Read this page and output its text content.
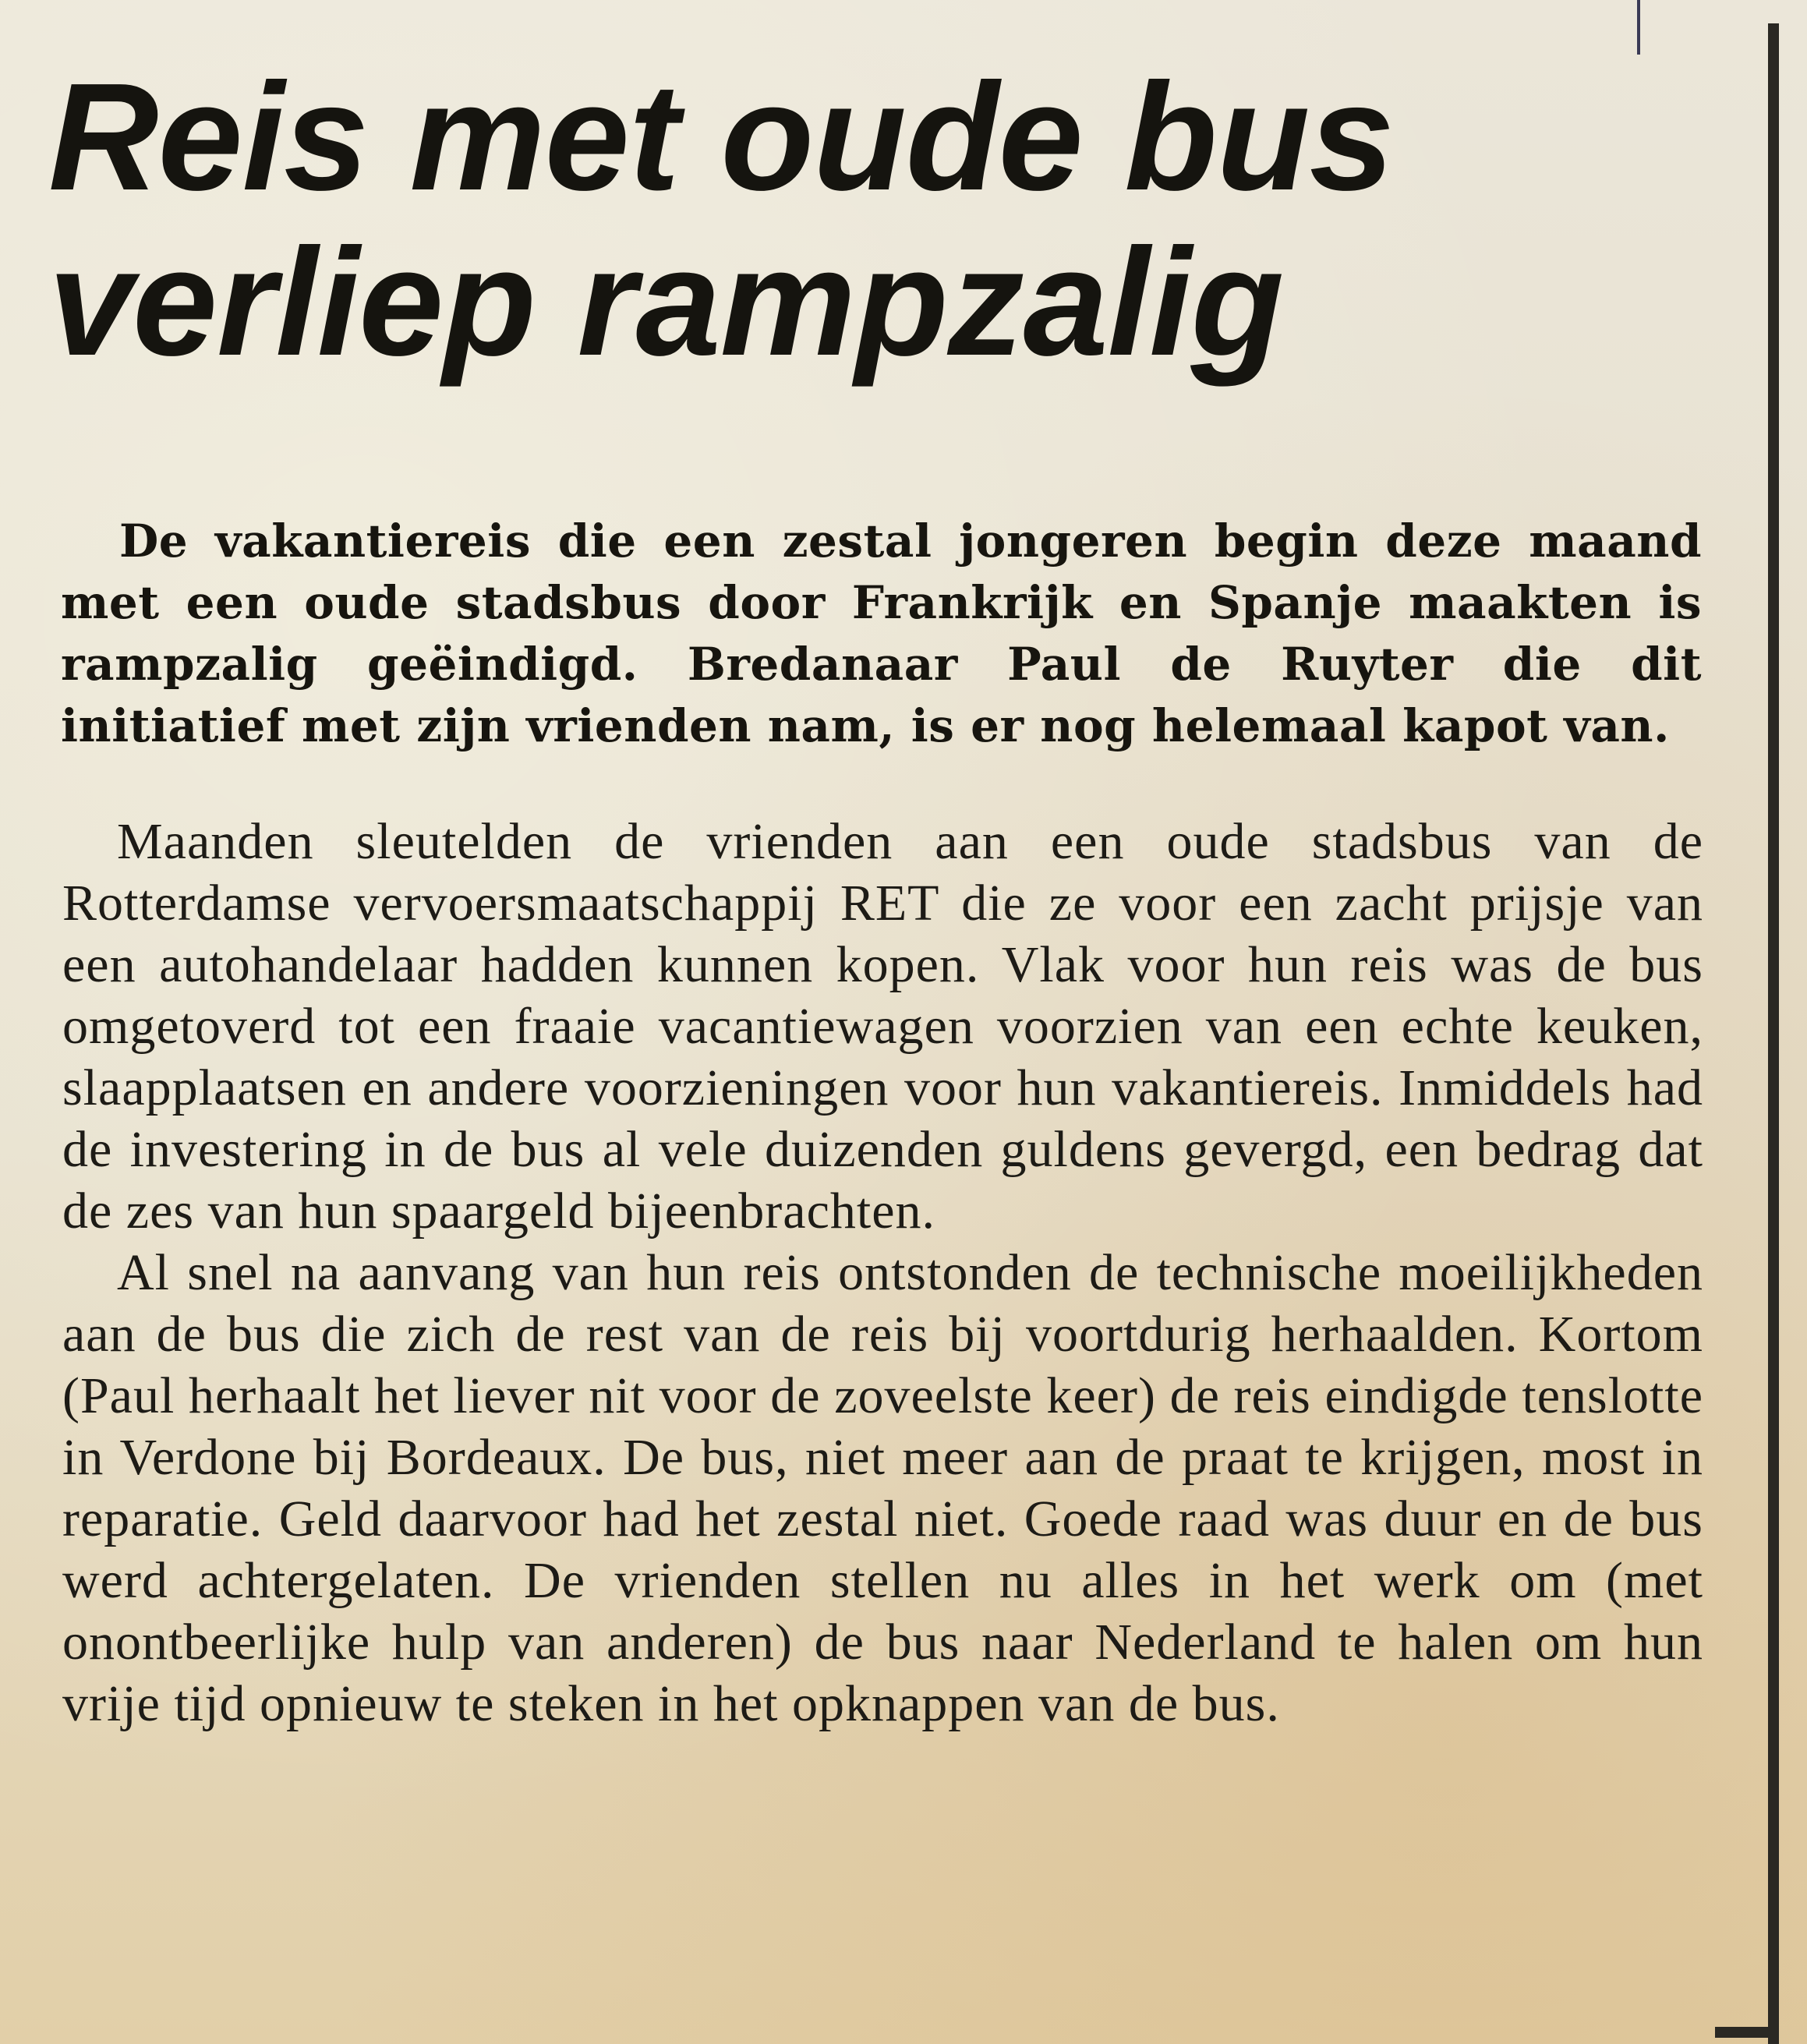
Reis met oude bus
verliep rampzalig

De vakantiereis die een zestal jongeren begin deze maand met een oude stadsbus door Frankrijk en Spanje maakten is rampzalig geëindigd. Bredanaar Paul de Ruyter die dit initiatief met zijn vrienden nam, is er nog helemaal kapot van.

Maanden sleutelden de vrienden aan een oude stadsbus van de Rotterdamse vervoersmaatschappij RET die ze voor een zacht prijsje van een autohandelaar hadden kunnen kopen. Vlak voor hun reis was de bus omgetoverd tot een fraaie vacantiewagen voorzien van een echte keuken, slaapplaatsen en andere voorzieningen voor hun vakantiereis. Inmiddels had de investering in de bus al vele duizenden guldens gevergd, een bedrag dat de zes van hun spaargeld bijeenbrachten.

Al snel na aanvang van hun reis ontstonden de technische moeilijkheden aan de bus die zich de rest van de reis bij voortdurig herhaalden. Kortom (Paul herhaalt het liever nit voor de zoveelste keer) de reis eindigde tenslotte in Verdone bij Bordeaux. De bus, niet meer aan de praat te krijgen, most in reparatie. Geld daarvoor had het zestal niet. Goede raad was duur en de bus werd achtergelaten. De vrienden stellen nu alles in het werk om (met onontbeerlijke hulp van anderen) de bus naar Nederland te halen om hun vrije tijd opnieuw te steken in het opknappen van de bus.
